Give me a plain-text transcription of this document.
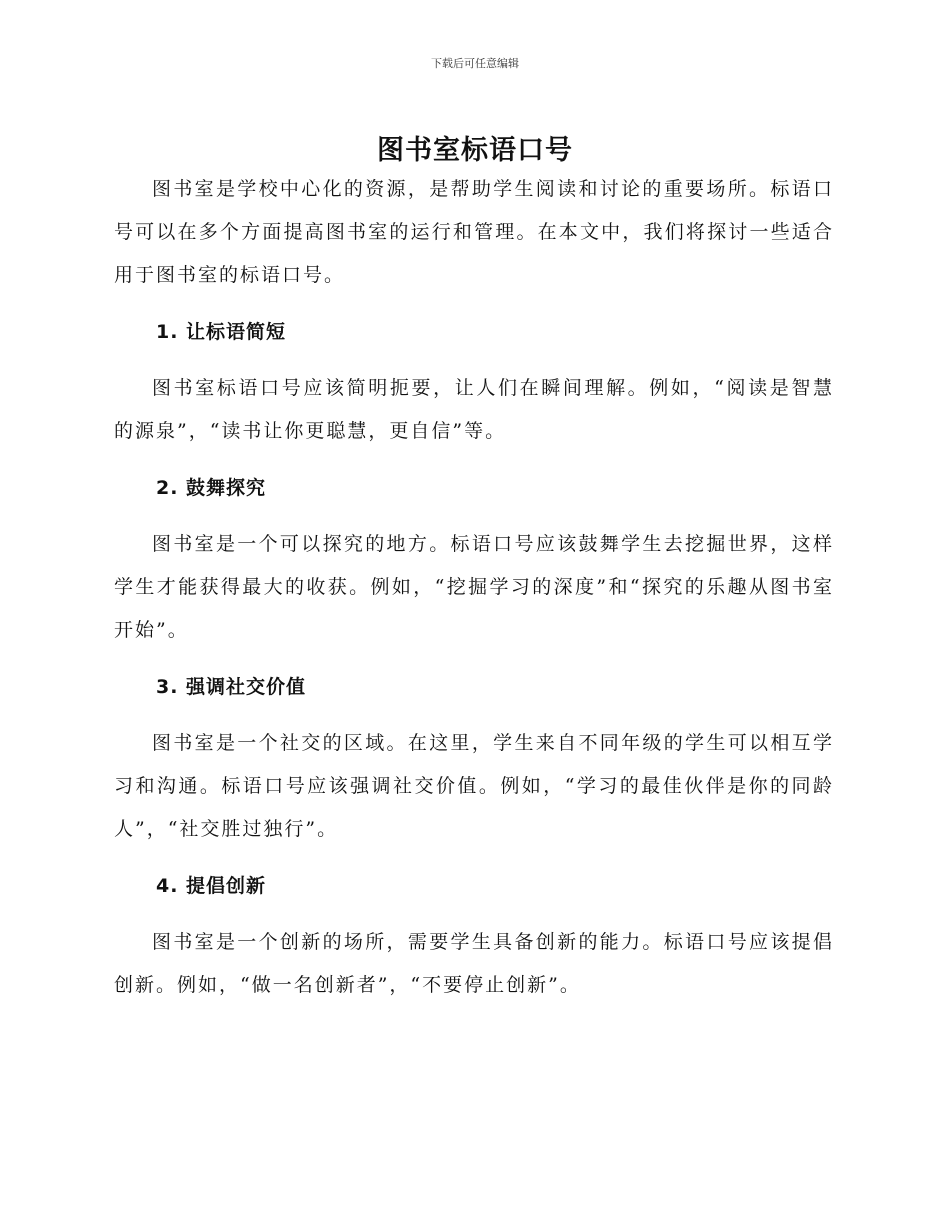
下载后可任意编辑
图书室标语口号

图书室是学校中心化的资源，是帮助学生阅读和讨论的重要场所。标语口号可以在多个方面提高图书室的运行和管理。在本文中，我们将探讨一些适合用于图书室的标语口号。

1. 让标语简短

图书室标语口号应该简明扼要，让人们在瞬间理解。例如，“阅读是智慧的源泉”，“读书让你更聪慧，更自信”等。

2. 鼓舞探究

图书室是一个可以探究的地方。标语口号应该鼓舞学生去挖掘世界，这样学生才能获得最大的收获。例如，“挖掘学习的深度”和“探究的乐趣从图书室开始”。

3. 强调社交价值

图书室是一个社交的区域。在这里，学生来自不同年级的学生可以相互学习和沟通。标语口号应该强调社交价值。例如，“学习的最佳伙伴是你的同龄人”，“社交胜过独行”。

4. 提倡创新

图书室是一个创新的场所，需要学生具备创新的能力。标语口号应该提倡创新。例如，“做一名创新者”，“不要停止创新”。
